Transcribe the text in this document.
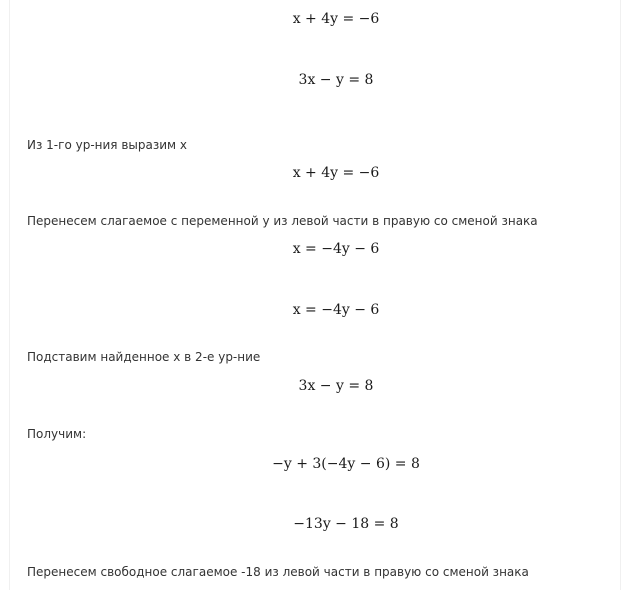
x + 4y = −6
3x − y = 8
Из 1-го ур-ния выразим x
x + 4y = −6
Перенесем слагаемое с переменной y из левой части в правую со сменой знака
x = −4y − 6
x = −4y − 6
Подставим найденное x в 2-е ур-ние
3x − y = 8
Получим:
−y + 3(−4y − 6) = 8
−13y − 18 = 8
Перенесем свободное слагаемое -18 из левой части в правую со сменой знака
